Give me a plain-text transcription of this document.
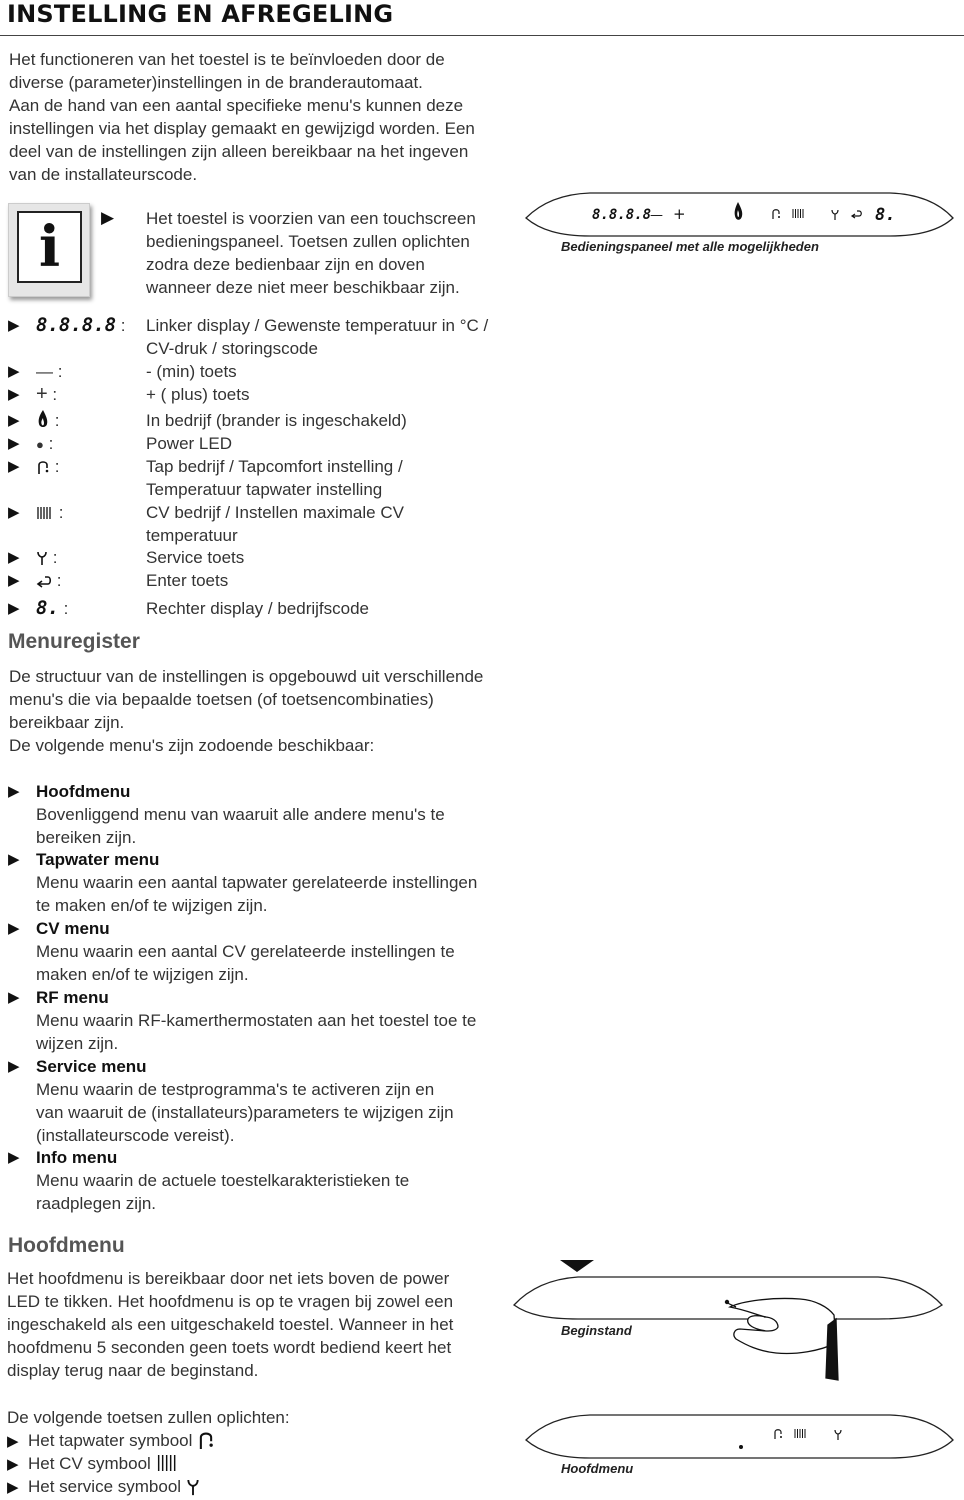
INSTELLING EN AFREGELING
Het functioneren van het toestel is te beïnvloeden door de
diverse (parameter)instellingen in de branderautomaat.
Aan de hand van een aantal specifieke menu's kunnen deze
instellingen via het display gemaakt en gewijzigd worden. Een
deel van de instellingen zijn alleen bereikbaar na het ingeven
van de installateurscode.
i	▶ Het toestel is voorzien van een touchscreen
bedieningspaneel. Toetsen zullen oplichten
zodra deze bedienbaar zijn en doven
wanneer deze niet meer beschikbaar zijn.
▶ 8.8.8.8 : Linker display / Gewenste temperatuur in °C /
CV-druk / storingscode
▶ — :	- (min) toets
▶ + :	+ ( plus) toets
▶	:	In bedrijf (brander is ingeschakeld)
▶ ● :	Power LED
▶	:	Tap bedrijf / Tapcomfort instelling /
Temperatuur tapwater instelling
▶	:	CV bedrijf / Instellen maximale CV
temperatuur
▶	:	Service toets
▶	:	Enter toets
▶ 8. :	Rechter display / bedrijfscode
Menuregister
De structuur van de instellingen is opgebouwd uit verschillende
menu's die via bepaalde toetsen (of toetsencombinaties)
bereikbaar zijn.
De volgende menu's zijn zodoende beschikbaar:
▶ Hoofdmenu
Bovenliggend menu van waaruit alle andere menu's te
bereiken zijn.
▶ Tapwater menu
Menu waarin een aantal tapwater gerelateerde instellingen
te maken en/of te wijzigen zijn.
▶ CV menu
Menu waarin een aantal CV gerelateerde instellingen te
maken en/of te wijzigen zijn.
▶ RF menu
Menu waarin RF-kamerthermostaten aan het toestel toe te
wijzen zijn.
▶ Service menu
Menu waarin de testprogramma's te activeren zijn en
van waaruit de (installateurs)parameters te wijzigen zijn
(installateurscode vereist).
▶ Info menu
Menu waarin de actuele toestelkarakteristieken te
raadplegen zijn.
Hoofdmenu
Het hoofdmenu is bereikbaar door net iets boven de power
LED te tikken. Het hoofdmenu is op te vragen bij zowel een
ingeschakeld als een uitgeschakeld toestel. Wanneer in het
hoofdmenu 5 seconden geen toets wordt bediend keert het
display terug naar de beginstand.
De volgende toetsen zullen oplichten:
▶ Het tapwater symbool
▶ Het CV symbool
▶ Het service symbool
8.8.8.8
— +	8.
Bedieningspaneel met alle mogelijkheden
Beginstand
Hoofdmenu
